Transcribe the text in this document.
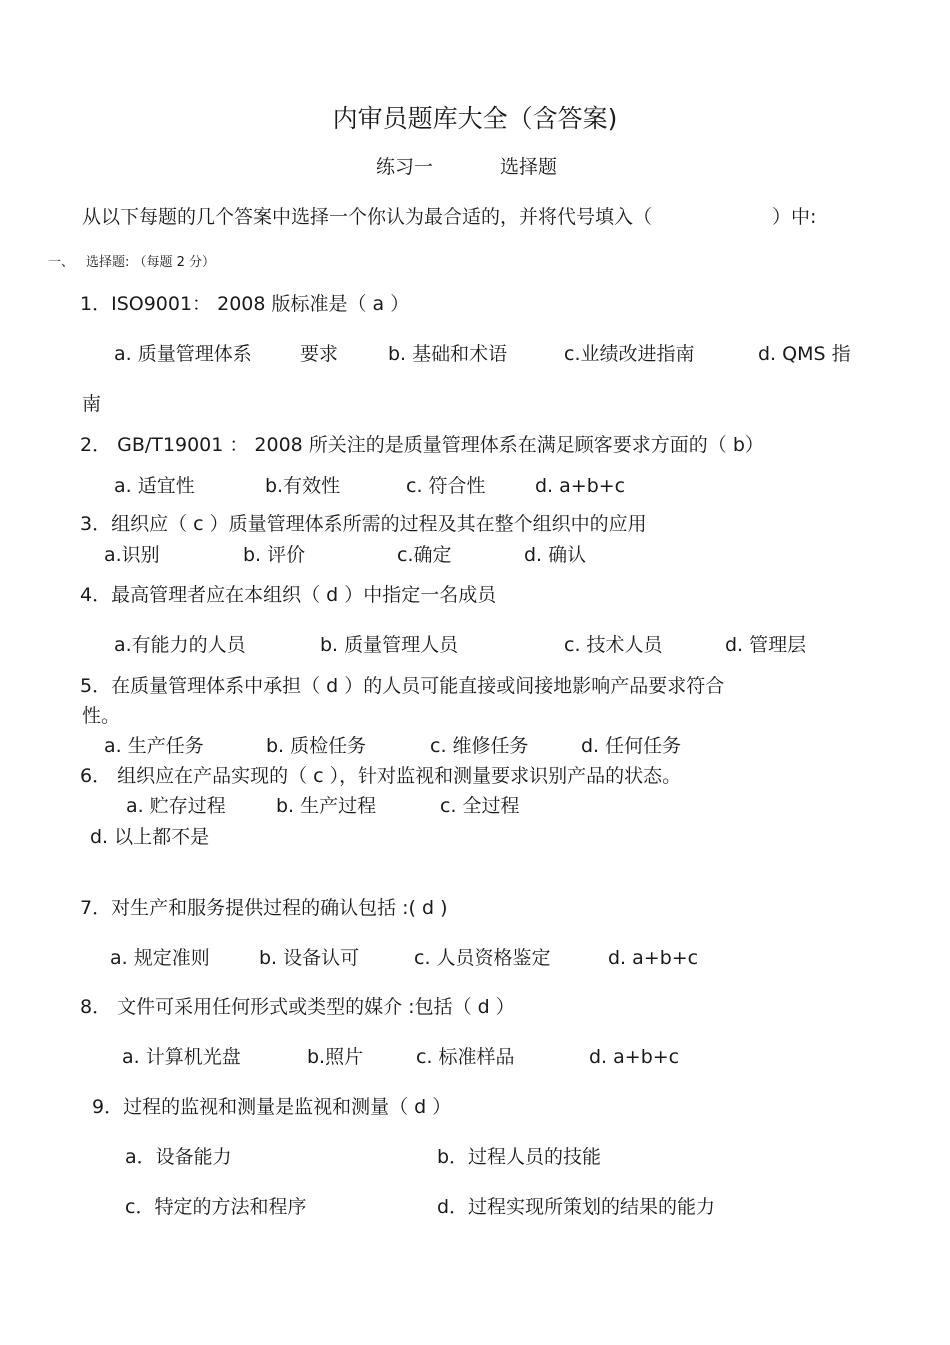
内审员题库大全（含答案)
练习一	选择题
从以下每题的几个答案中选择一个你认为最合适的，并将代号填入（	）中:
一、 选择题: （每题 2 分）
1．ISO9001： 2008 版标准是（ a ）
a. 质量管理体系	要求	b. 基础和术语	c.业绩改进指南	d. QMS 指
南
2． GB/T19001 ： 2008 所关注的是质量管理体系在满足顾客要求方面的（ b）
a. 适宜性	b.有效性	c. 符合性	d. a+b+c
3．组织应（ c ）质量管理体系所需的过程及其在整个组织中的应用
a.识别	b. 评价	c.确定	d. 确认
4．最高管理者应在本组织（ d ）中指定一名成员
a.有能力的人员	b. 质量管理人员	c. 技术人员	d. 管理层
5．在质量管理体系中承担（ d ）的人员可能直接或间接地影响产品要求符合
性。
a. 生产任务	b. 质检任务	c. 维修任务	d. 任何任务
6． 组织应在产品实现的（ c ），针对监视和测量要求识别产品的状态。
a. 贮存过程	b. 生产过程	c. 全过程
d. 以上都不是
7．对生产和服务提供过程的确认包括 :( d )
a. 规定准则	b. 设备认可	c. 人员资格鉴定	d. a+b+c
8． 文件可采用任何形式或类型的媒介 :包括（ d ）
a. 计算机光盘	b.照片	c. 标准样品	d. a+b+c
9．过程的监视和测量是监视和测量（ d ）
a．设备能力	b．过程人员的技能
c．特定的方法和程序	d．过程实现所策划的结果的能力
